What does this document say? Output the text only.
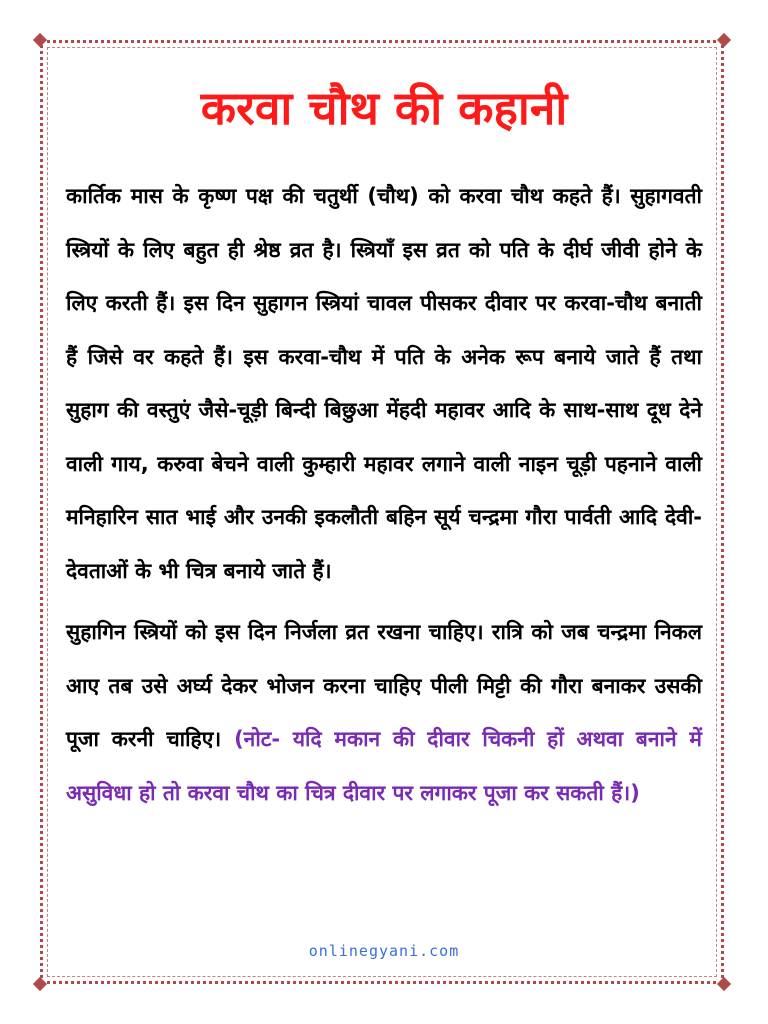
करवा चौथ की कहानी

कार्तिक मास के कृष्ण पक्ष की चतुर्थी (चौथ) को करवा चौथ कहते हैं। सुहागवती स्त्रियों के लिए बहुत ही श्रेष्ठ व्रत है। स्त्रियाँ इस व्रत को पति के दीर्घ जीवी होने के लिए करती हैं। इस दिन सुहागन स्त्रियां चावल पीसकर दीवार पर करवा-चौथ बनाती हैं जिसे वर कहते हैं। इस करवा-चौथ में पति के अनेक रूप बनाये जाते हैं तथा सुहाग की वस्तुएं जैसे-चूड़ी बिन्दी बिछुआ मेंहदी महावर आदि के साथ-साथ दूध देने वाली गाय, करुवा बेचने वाली कुम्हारी महावर लगाने वाली नाइन चूड़ी पहनाने वाली मनिहारिन सात भाई और उनकी इकलौती बहिन सूर्य चन्द्रमा गौरा पार्वती आदि देवी-देवताओं के भी चित्र बनाये जाते हैं।

सुहागिन स्त्रियों को इस दिन निर्जला व्रत रखना चाहिए। रात्रि को जब चन्द्रमा निकल आए तब उसे अर्घ्य देकर भोजन करना चाहिए पीली मिट्टी की गौरा बनाकर उसकी पूजा करनी चाहिए। (नोट- यदि मकान की दीवार चिकनी हों अथवा बनाने में असुविधा हो तो करवा चौथ का चित्र दीवार पर लगाकर पूजा कर सकती हैं।)

onlinegyani.com
